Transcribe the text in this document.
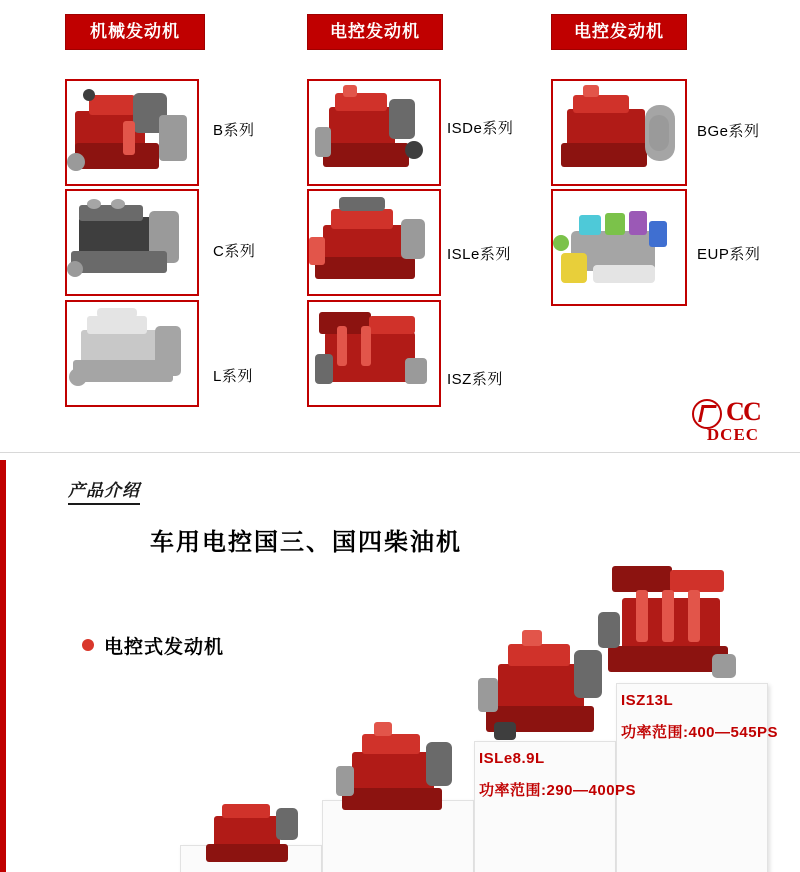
机械发动机	电控发动机	电控发动机
B系列
C系列
L系列
ISDe系列
ISLe系列
ISZ系列
BGe系列
EUP系列
C
C
DCEC
产品介绍
车用电控国三、国四柴油机
电控式发动机
ISLe8.9L
功率范围:290—400PS
ISZ13L
功率范围:400—545PS
